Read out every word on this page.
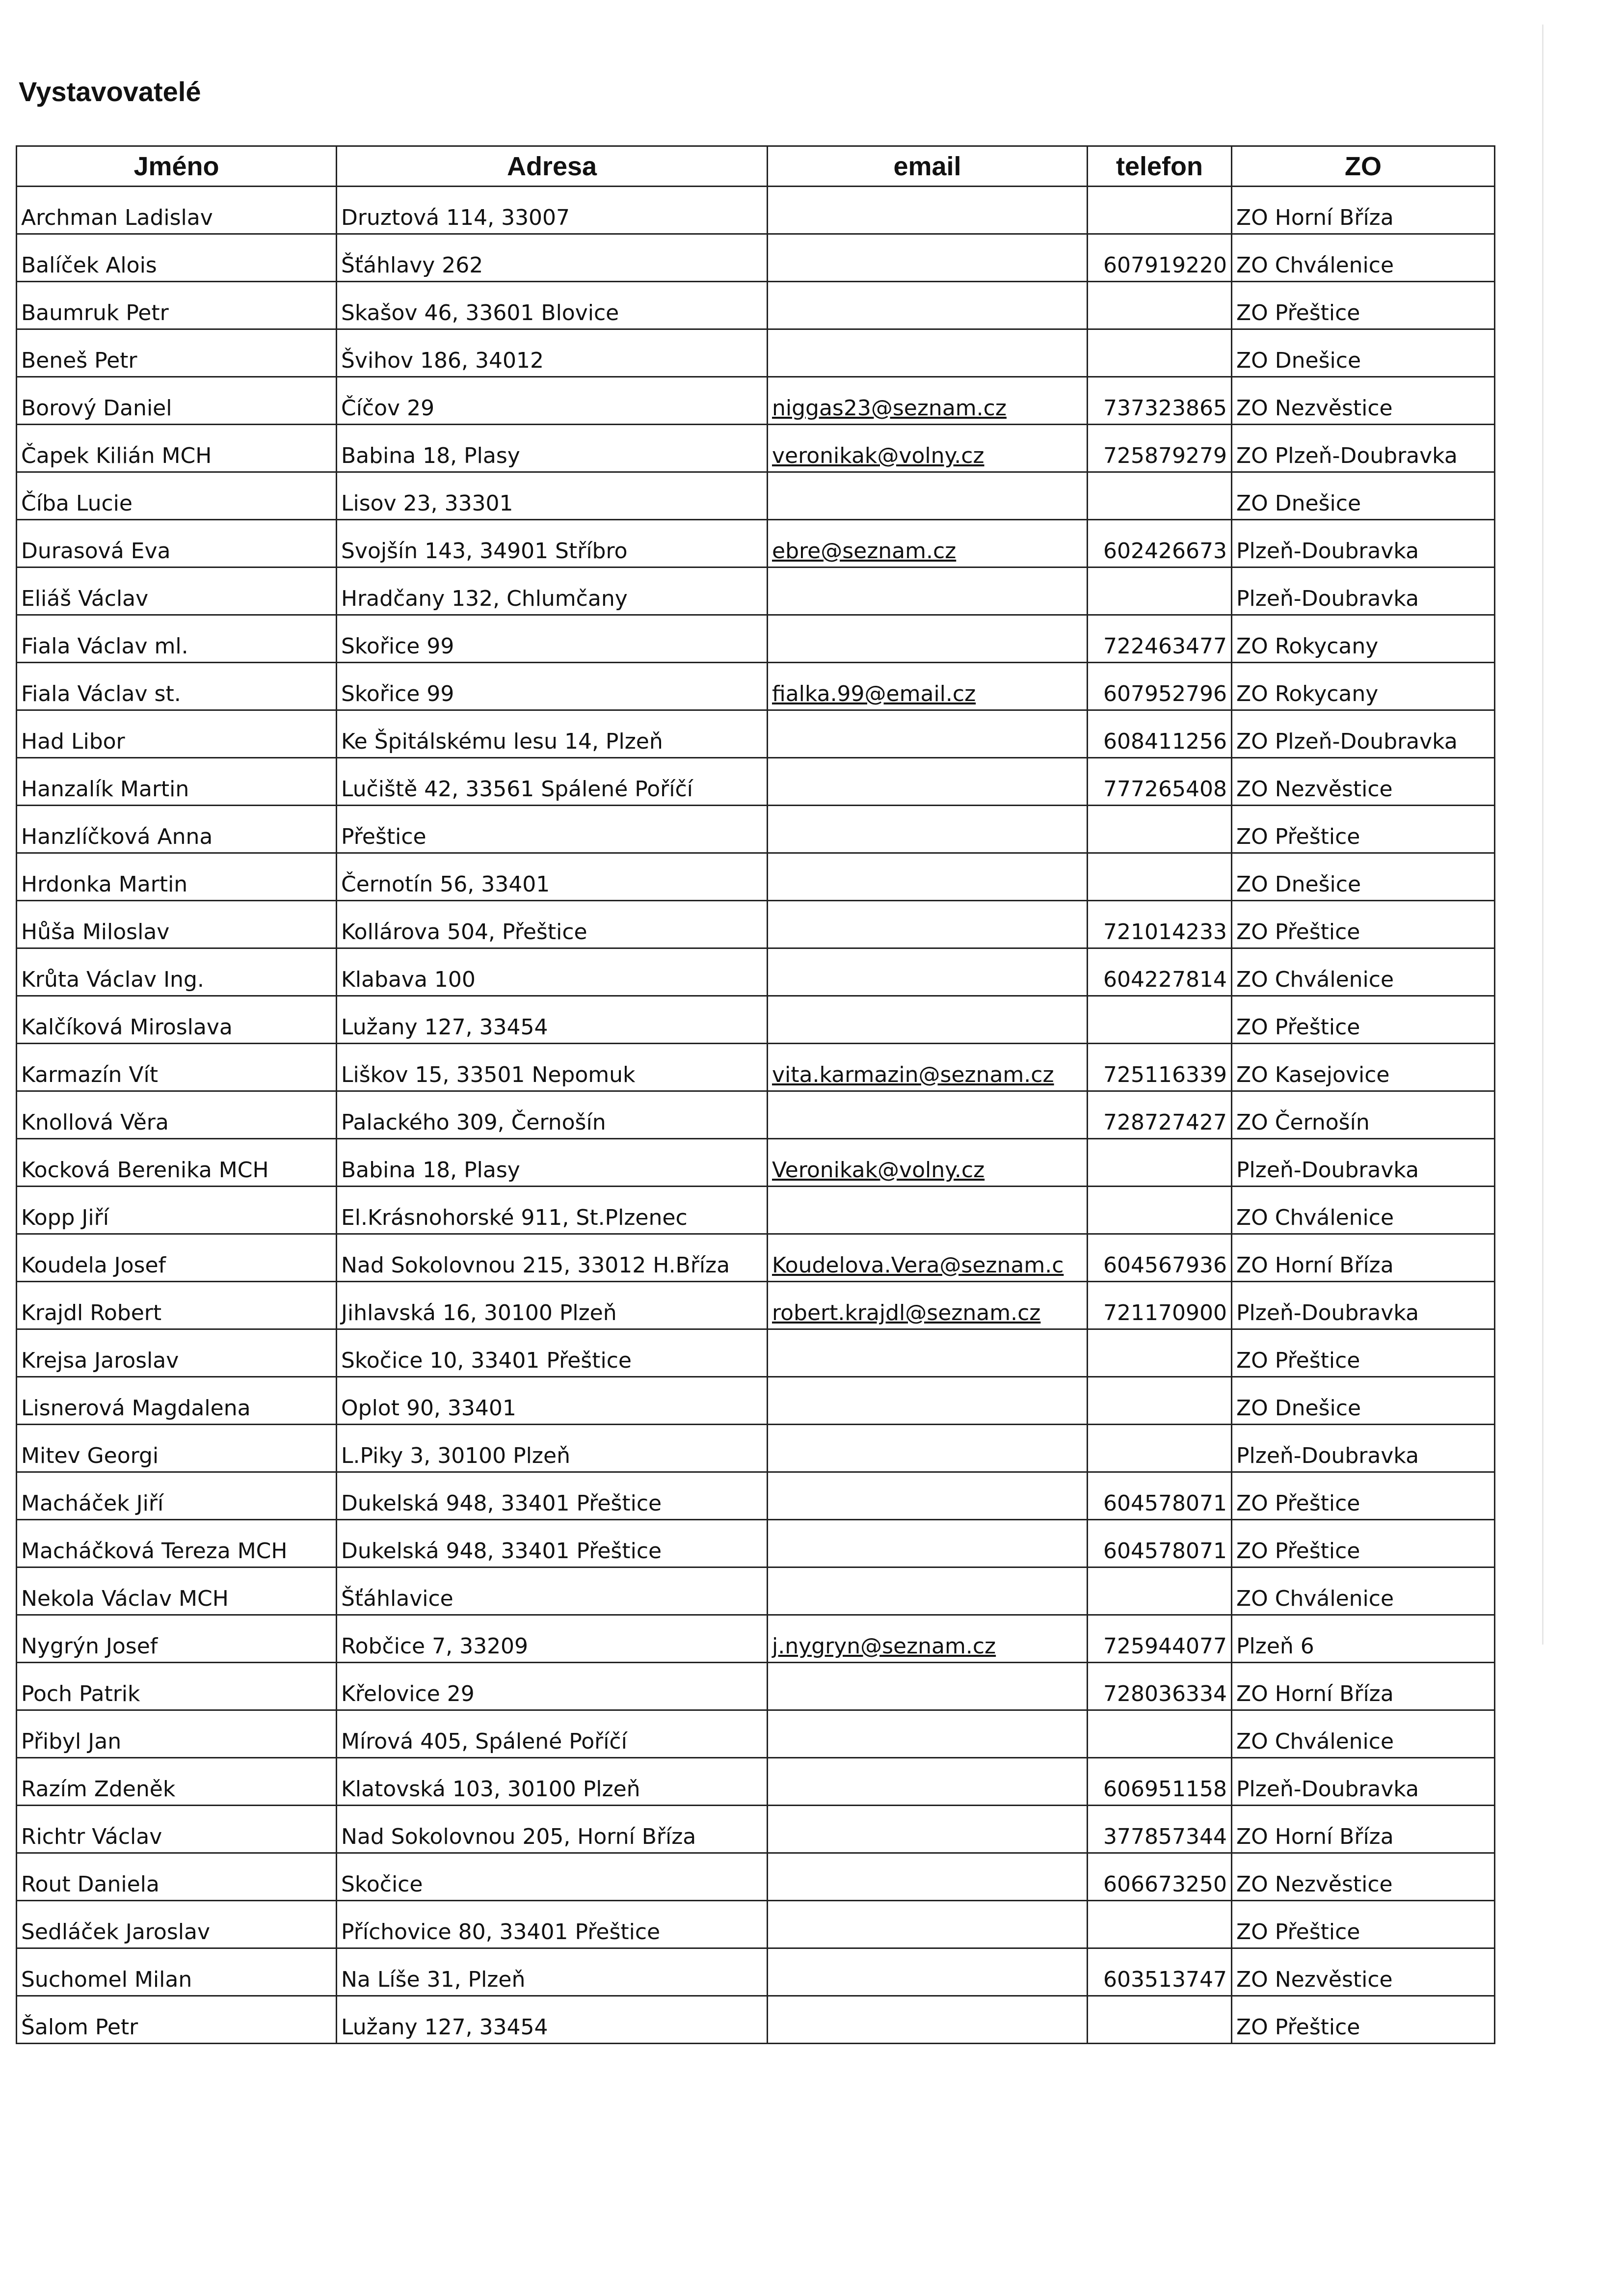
Vystavovatelé
Jméno	Adresa	email	telefon	ZO
Archman Ladislav	Druztová 114, 33007			ZO Horní Bříza
Balíček Alois	Šťáhlavy 262		607919220	ZO Chválenice
Baumruk Petr	Skašov 46, 33601 Blovice			ZO Přeštice
Beneš Petr	Švihov 186, 34012			ZO Dnešice
Borový Daniel	Číčov 29	niggas23@seznam.cz	737323865	ZO Nezvěstice
Čapek Kilián MCH	Babina 18, Plasy	veronikak@volny.cz	725879279	ZO Plzeň-Doubravka
Číba Lucie	Lisov 23, 33301			ZO Dnešice
Durasová Eva	Svojšín 143, 34901 Stříbro	ebre@seznam.cz	602426673	Plzeň-Doubravka
Eliáš Václav	Hradčany 132, Chlumčany			Plzeň-Doubravka
Fiala Václav ml.	Skořice 99		722463477	ZO Rokycany
Fiala Václav st.	Skořice 99	fialka.99@email.cz	607952796	ZO Rokycany
Had Libor	Ke Špitálskému lesu 14, Plzeň		608411256	ZO Plzeň-Doubravka
Hanzalík Martin	Lučiště 42, 33561 Spálené Poříčí		777265408	ZO Nezvěstice
Hanzlíčková Anna	Přeštice			ZO Přeštice
Hrdonka Martin	Černotín 56, 33401			ZO Dnešice
Hůša Miloslav	Kollárova 504, Přeštice		721014233	ZO Přeštice
Krůta Václav Ing.	Klabava 100		604227814	ZO Chválenice
Kalčíková Miroslava	Lužany 127, 33454			ZO Přeštice
Karmazín Vít	Liškov 15, 33501 Nepomuk	vita.karmazin@seznam.cz	725116339	ZO Kasejovice
Knollová Věra	Palackého 309, Černošín		728727427	ZO Černošín
Kocková Berenika MCH	Babina 18, Plasy	Veronikak@volny.cz		Plzeň-Doubravka
Kopp Jiří	El.Krásnohorské 911, St.Plzenec			ZO Chválenice
Koudela Josef	Nad Sokolovnou 215, 33012 H.Bříza	Koudelova.Vera@seznam.c	604567936	ZO Horní Bříza
Krajdl Robert	Jihlavská 16, 30100 Plzeň	robert.krajdl@seznam.cz	721170900	Plzeň-Doubravka
Krejsa Jaroslav	Skočice 10, 33401 Přeštice			ZO Přeštice
Lisnerová Magdalena	Oplot 90, 33401			ZO Dnešice
Mitev Georgi	L.Piky 3, 30100 Plzeň			Plzeň-Doubravka
Macháček Jiří	Dukelská 948, 33401 Přeštice		604578071	ZO Přeštice
Macháčková Tereza MCH	Dukelská 948, 33401 Přeštice		604578071	ZO Přeštice
Nekola Václav MCH	Šťáhlavice			ZO Chválenice
Nygrýn Josef	Robčice 7, 33209	j.nygryn@seznam.cz	725944077	Plzeň 6
Poch Patrik	Křelovice 29		728036334	ZO Horní Bříza
Přibyl Jan	Mírová 405, Spálené Poříčí			ZO Chválenice
Razím Zdeněk	Klatovská 103, 30100 Plzeň		606951158	Plzeň-Doubravka
Richtr Václav	Nad Sokolovnou 205, Horní Bříza		377857344	ZO Horní Bříza
Rout Daniela	Skočice		606673250	ZO Nezvěstice
Sedláček Jaroslav	Příchovice 80, 33401 Přeštice			ZO Přeštice
Suchomel Milan	Na Líše 31, Plzeň		603513747	ZO Nezvěstice
Šalom Petr	Lužany 127, 33454			ZO Přeštice
